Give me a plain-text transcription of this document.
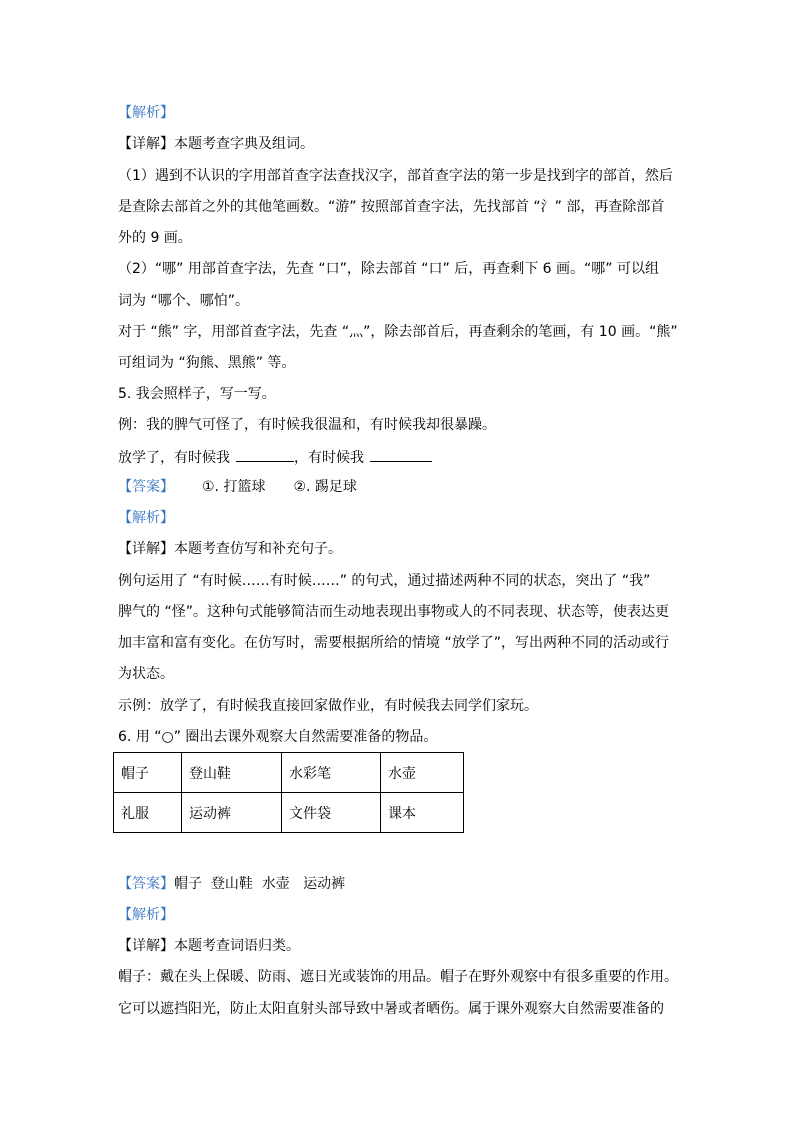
【解析】
【详解】本题考查字典及组词。
（1）遇到不认识的字用部首查字法查找汉字，部首查字法的第一步是找到字的部首，然后
是查除去部首之外的其他笔画数。“游” 按照部首查字法，先找部首 “氵” 部，再查除部首
外的 9 画。
（2）“哪” 用部首查字法，先查 “口”，除去部首 “口” 后，再查剩下 6 画。“哪” 可以组
词为 “哪个、哪怕”。
对于 “熊” 字，用部首查字法，先查 “灬”，除去部首后，再查剩余的笔画，有 10 画。“熊”
可组词为 “狗熊、黑熊” 等。
5. 我会照样子，写一写。
例：我的脾气可怪了，有时候我很温和，有时候我却很暴躁。
放学了，有时候我	，有时候我
【答案】 ①. 打篮球 ②. 踢足球
【解析】
【详解】本题考查仿写和补充句子。
例句运用了 “有时候……有时候……” 的句式，通过描述两种不同的状态，突出了 “我”
脾气的 “怪”。这种句式能够简洁而生动地表现出事物或人的不同表现、状态等，使表达更
加丰富和富有变化。在仿写时，需要根据所给的情境 “放学了”，写出两种不同的活动或行
为状态。
示例：放学了，有时候我直接回家做作业，有时候我去同学们家玩。
6. 用 “○” 圈出去课外观察大自然需要准备的物品。
帽子	登山鞋	水彩笔	水壶
礼服	运动裤	文件袋	课本
【答案】帽子  登山鞋  水壶   运动裤
【解析】
【详解】本题考查词语归类。
帽子：戴在头上保暖、防雨、遮日光或装饰的用品。帽子在野外观察中有很多重要的作用。
它可以遮挡阳光，防止太阳直射头部导致中暑或者晒伤。属于课外观察大自然需要准备的
